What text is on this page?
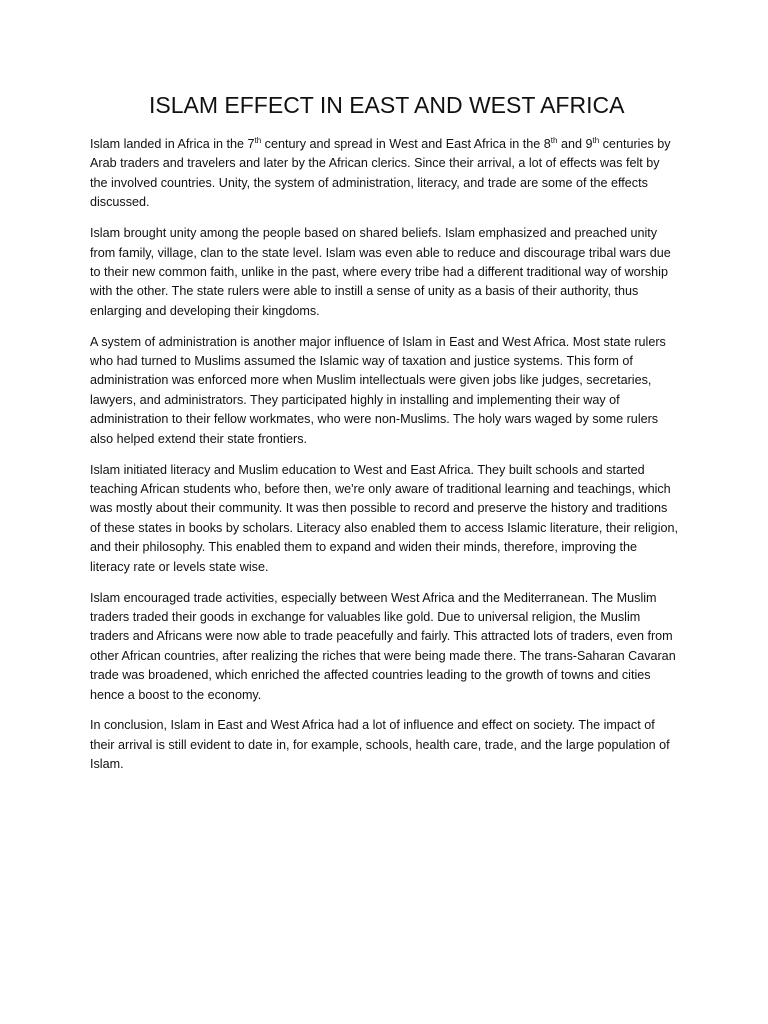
ISLAM EFFECT IN EAST AND WEST AFRICA

Islam landed in Africa in the 7th century and spread in West and East Africa in the 8th and 9th centuries by Arab traders and travelers and later by the African clerics. Since their arrival, a lot of effects was felt by the involved countries. Unity, the system of administration, literacy, and trade are some of the effects discussed.

Islam brought unity among the people based on shared beliefs. Islam emphasized and preached unity from family, village, clan to the state level. Islam was even able to reduce and discourage tribal wars due to their new common faith, unlike in the past, where every tribe had a different traditional way of worship with the other. The state rulers were able to instill a sense of unity as a basis of their authority, thus enlarging and developing their kingdoms.

A system of administration is another major influence of Islam in East and West Africa. Most state rulers who had turned to Muslims assumed the Islamic way of taxation and justice systems. This form of administration was enforced more when Muslim intellectuals were given jobs like judges, secretaries, lawyers, and administrators. They participated highly in installing and implementing their way of administration to their fellow workmates, who were non-Muslims. The holy wars waged by some rulers also helped extend their state frontiers.

Islam initiated literacy and Muslim education to West and East Africa. They built schools and started teaching African students who, before then, we're only aware of traditional learning and teachings, which was mostly about their community. It was then possible to record and preserve the history and traditions of these states in books by scholars. Literacy also enabled them to access Islamic literature, their religion, and their philosophy. This enabled them to expand and widen their minds, therefore, improving the literacy rate or levels state wise.

Islam encouraged trade activities, especially between West Africa and the Mediterranean. The Muslim traders traded their goods in exchange for valuables like gold. Due to universal religion, the Muslim traders and Africans were now able to trade peacefully and fairly. This attracted lots of traders, even from other African countries, after realizing the riches that were being made there. The trans-Saharan Cavaran trade was broadened, which enriched the affected countries leading to the growth of towns and cities hence a boost to the economy.

In conclusion, Islam in East and West Africa had a lot of influence and effect on society. The impact of their arrival is still evident to date in, for example, schools, health care, trade, and the large population of Islam.
